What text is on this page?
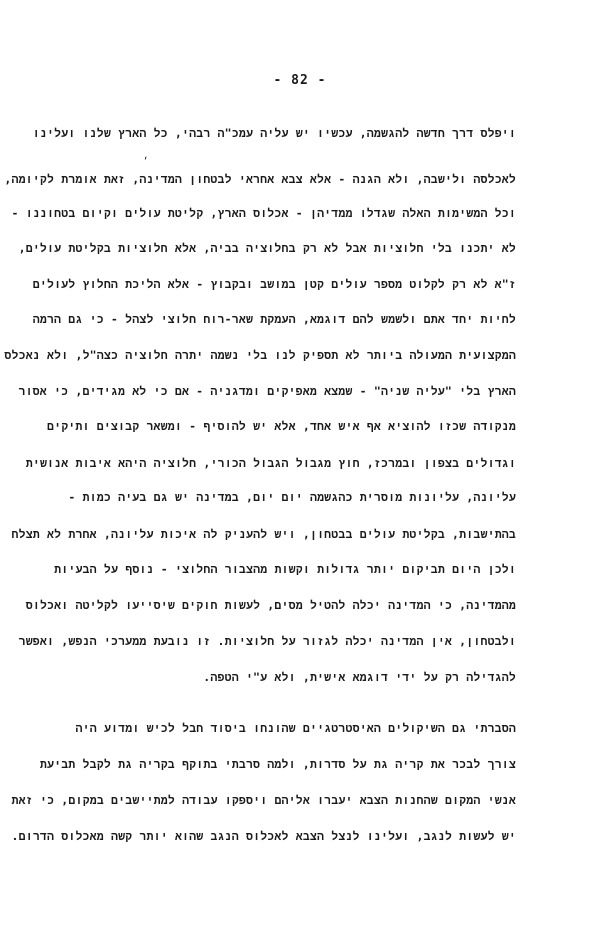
- 82 -
׳
ויפלס דרך חדשה להגשמה, עכשיו יש עליה עמכ"ה רבהי, כל הארץ שלנו ועלינו
לאכלסה ולישבה, ולא הגנה - אלא צבא אחראי לבטחון המדינה, זאת אומרת לקיומה,
וכל המשימות האלה שגדלו ממדיהן - אכלוס הארץ, קליטת עולים וקיום בטחוננו -
לא יתכנו בלי חלוציות אבל לא רק בחלוציה בביה, אלא חלוציות בקליטת עולים,
ז"א לא רק לקלוט מספר עולים קטן במושב ובקבוץ - אלא הליכת החלוץ לעולים
לחיות יחד אתם ולשמש להם דוגמא, העמקת שאר-רוח חלוצי לצהל - כי גם הרמה
המקצועית המעולה ביותר לא תספיק לנו בלי נשמה יתרה חלוציה כצה"ל, ולא נאכלס
הארץ בלי "עליה שניה" - שמצא מאפיקים ומדגניה - אם כי לא מגידים, כי אסור
מנקודה שכזו להוציא אף איש אחד, אלא יש להוסיף - ומשאר קבוצים ותיקים
וגדולים בצפון ובמרכז, חוץ מגבול הגבול הכורי, חלוציה היהא איבות אנושית
עליונה, עליונות מוסרית כהגשמה יום יום, במדינה יש גם בעיה כמות -
בהתישבות, בקליטת עולים בבטחון, ויש להעניק לה איכות עליונה, אחרת לא תצלח
ולכן היום תביקום יותר גדולות וקשות מהצבור החלוצי - נוסף על הבעיות
מהמדינה, כי המדינה יכלה להטיל מסים, לעשות חוקים שיסייעו לקליטה ואכלוס
ולבטחון, אין המדינה יכלה לגזור על חלוציות. זו נובעת ממערכי הנפש, ואפשר
להגדילה רק על ידי דוגמא אישית, ולא ע"י הטפה.
הסברתי גם השיקולים האיסטרטגיים שהונחו ביסוד חבל לכיש ומדוע היה
צורך לבכר את קריה גת על סדרות, ולמה סרבתי בתוקף בקריה גת לקבל תביעת
אנשי המקום שהחנות הצבא יעברו אליהם ויספקו עבודה למתיישבים במקום, כי זאת
יש לעשות לנגב, ועלינו לנצל הצבא לאכלוס הנגב שהוא יותר קשה מאכלוס הדרום.
